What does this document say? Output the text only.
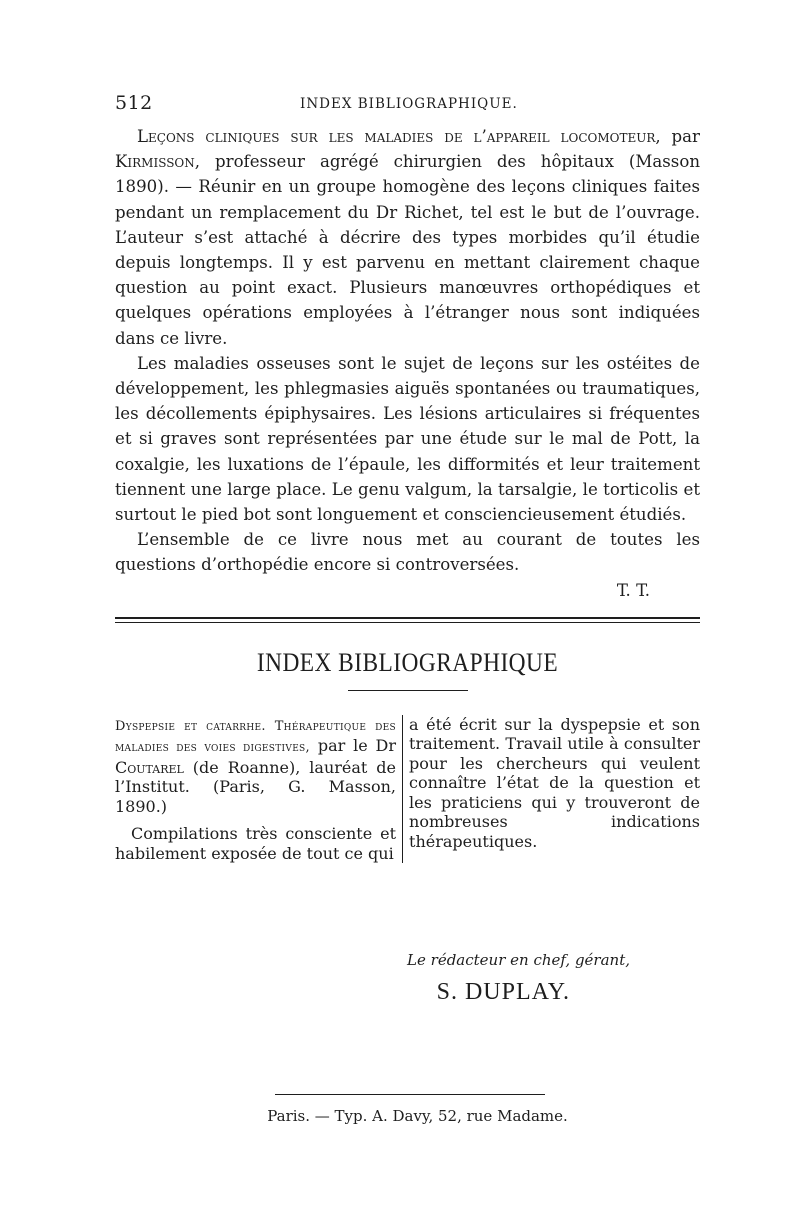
512	INDEX BIBLIOGRAPHIQUE.

Leçons cliniques sur les maladies de l’appareil locomoteur, par Kirmisson, professeur agrégé chirurgien des hôpitaux (Masson 1890). — Réunir en un groupe homogène des leçons cliniques faites pendant un remplacement du Dr Richet, tel est le but de l’ouvrage. L’auteur s’est attaché à décrire des types morbides qu’il étudie depuis longtemps. Il y est parvenu en mettant clairement chaque question au point exact. Plusieurs manœuvres orthopédiques et quelques opérations employées à l’étranger nous sont indiquées dans ce livre.

Les maladies osseuses sont le sujet de leçons sur les ostéites de développement, les phlegmasies aiguës spontanées ou traumatiques, les décollements épiphysaires. Les lésions articulaires si fréquentes et si graves sont représentées par une étude sur le mal de Pott, la coxalgie, les luxations de l’épaule, les difformités et leur traitement tiennent une large place. Le genu valgum, la tarsalgie, le torticolis et surtout le pied bot sont longuement et consciencieusement étudiés.

L’ensemble de ce livre nous met au courant de toutes les questions d’orthopédie encore si controversées.

T. T.
INDEX BIBLIOGRAPHIQUE

Dyspepsie et catarrhe. Thérapeutique des maladies des voies digestives, par le Dr Coutarel (de Roanne), lauréat de l’Institut. (Paris, G. Masson, 1890.)

Compilations très consciente et habilement exposée de tout ce qui

a été écrit sur la dyspepsie et son traitement. Travail utile à consulter pour les chercheurs qui veulent connaître l’état de la question et les praticiens qui y trouveront de nombreuses indications thérapeutiques.

Le rédacteur en chef, gérant,
S. DUPLAY.
Paris. — Typ. A. Davy, 52, rue Madame.
